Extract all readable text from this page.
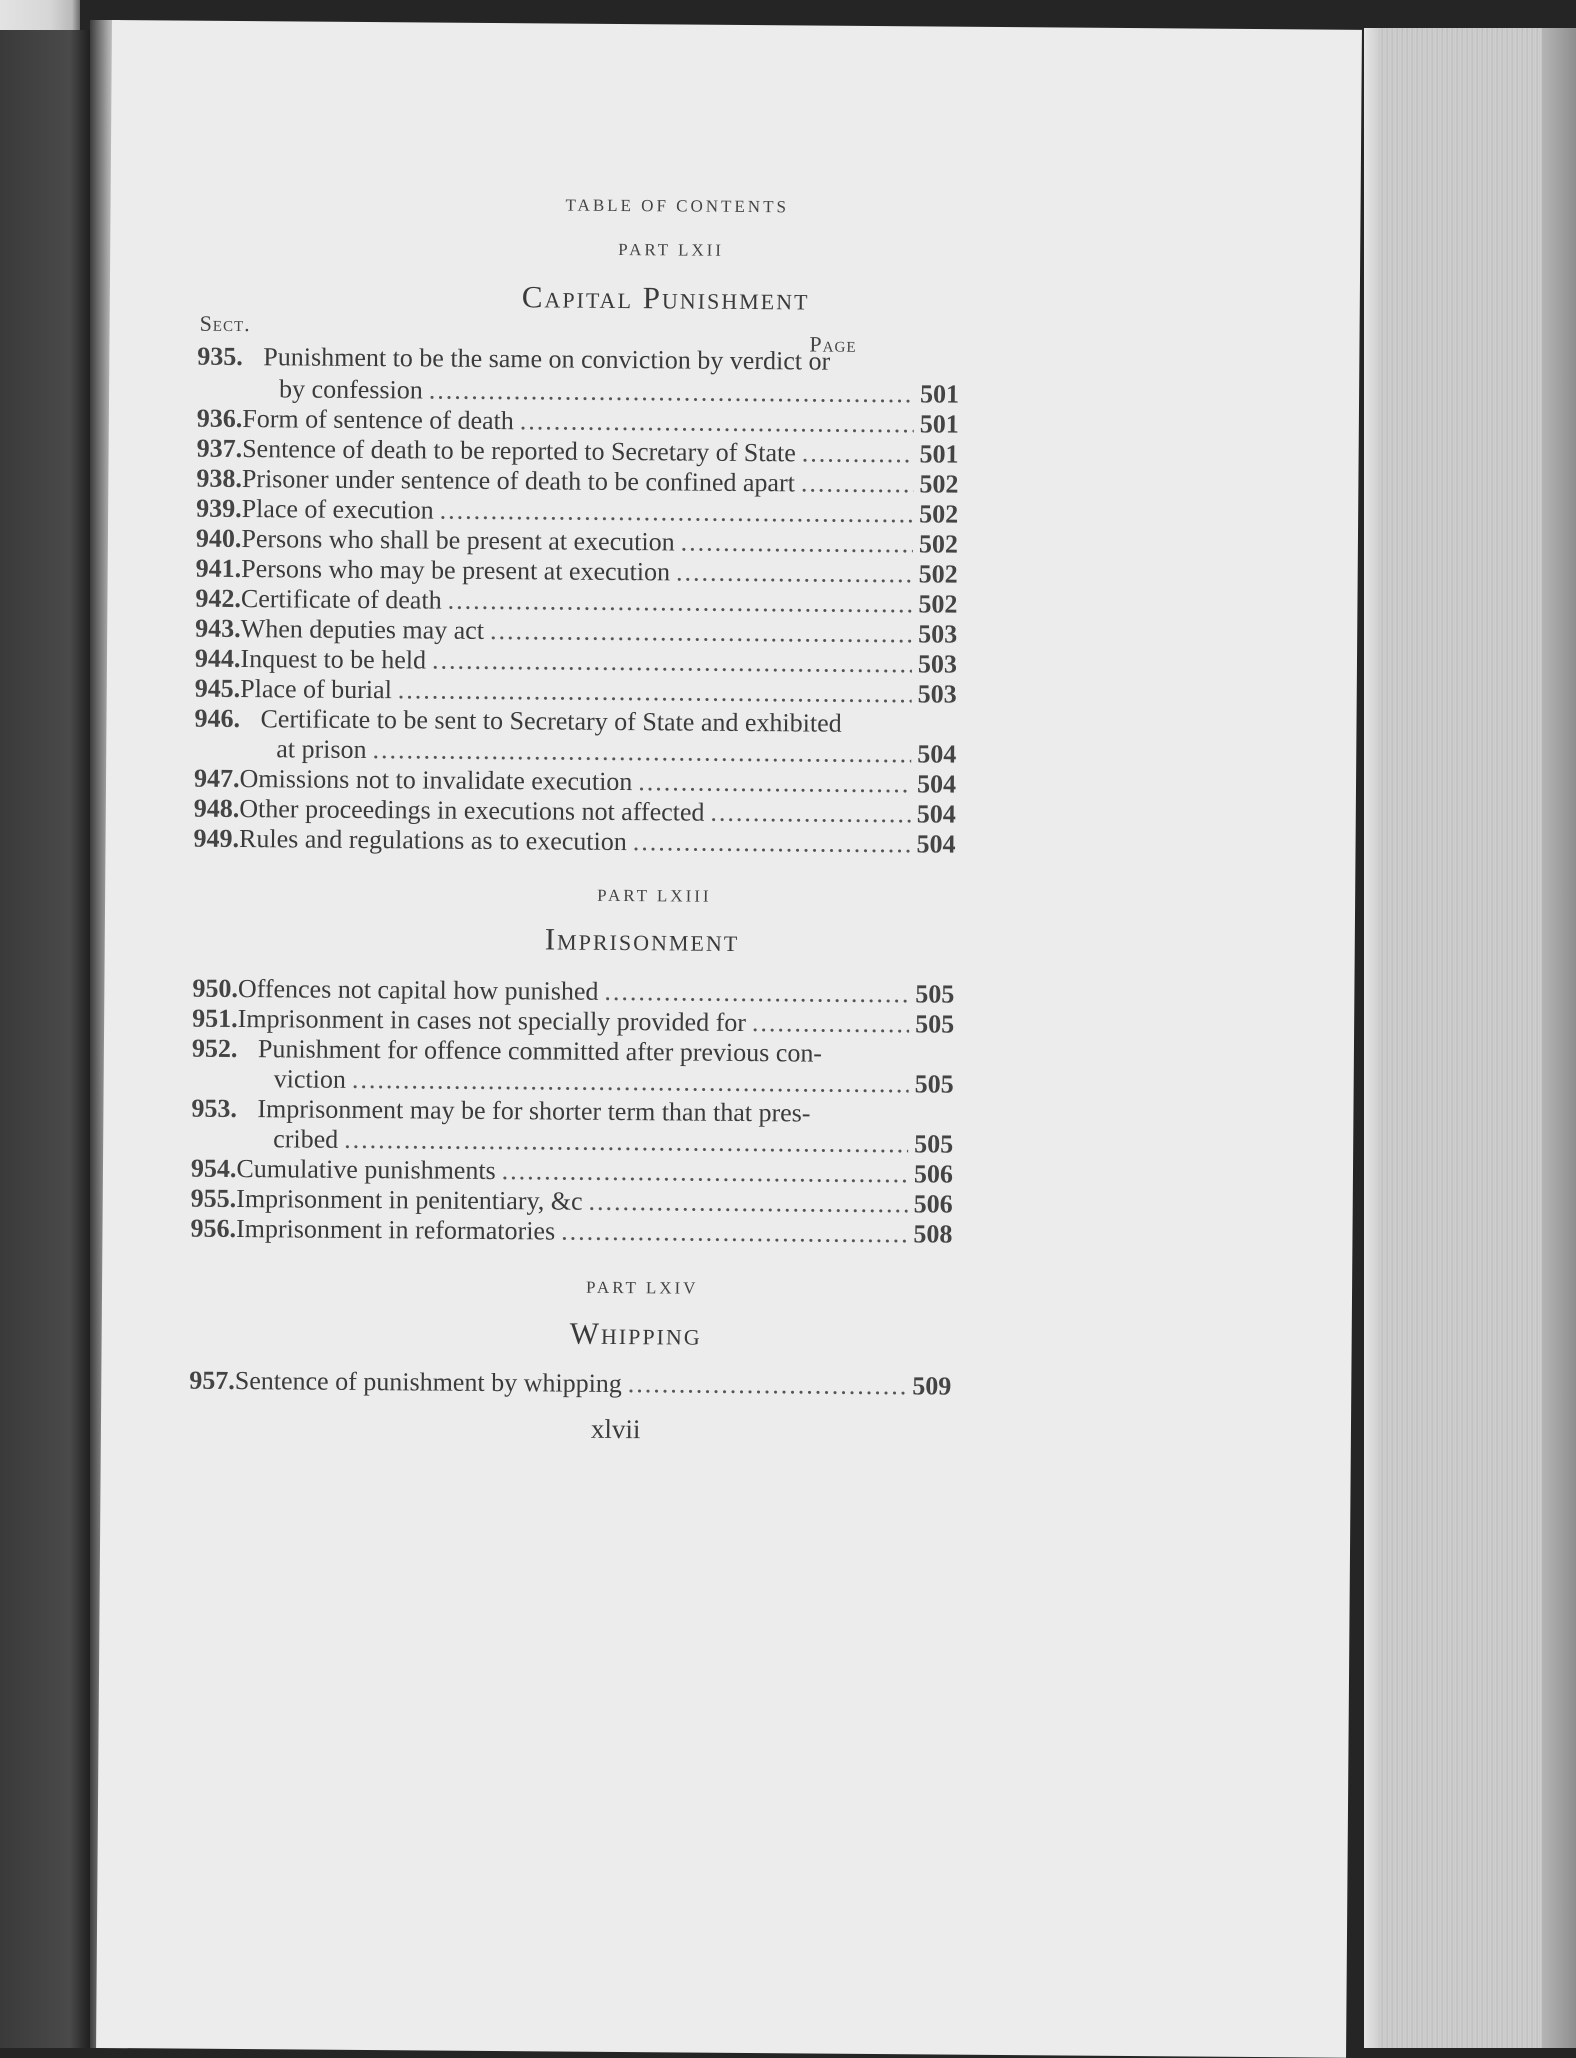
TABLE OF CONTENTS
PART LXII
Capital Punishment
Sect.
Page
935. Punishment to be the same on conviction by verdict or
by confession .....	501
936. Form of sentence of death .....	501
937. Sentence of death to be reported to Secretary of State .....	501
938. Prisoner under sentence of death to be confined apart .....	502
939. Place of execution .....	502
940. Persons who shall be present at execution .....	502
941. Persons who may be present at execution .....	502
942. Certificate of death .....	502
943. When deputies may act .....	503
944. Inquest to be held .....	503
945. Place of burial .....	503
946. Certificate to be sent to Secretary of State and exhibited
at prison .....	504
947. Omissions not to invalidate execution .....	504
948. Other proceedings in executions not affected .....	504
949. Rules and regulations as to execution .....	504
PART LXIII
Imprisonment
950. Offences not capital how punished .....	505
951. Imprisonment in cases not specially provided for .....	505
952. Punishment for offence committed after previous con-
viction .....	505
953. Imprisonment may be for shorter term than that pres-
cribed .....	505
954. Cumulative punishments .....	506
955. Imprisonment in penitentiary, &c .....	506
956. Imprisonment in reformatories .....	508
PART LXIV
Whipping
957. Sentence of punishment by whipping .....	509
xlvii
